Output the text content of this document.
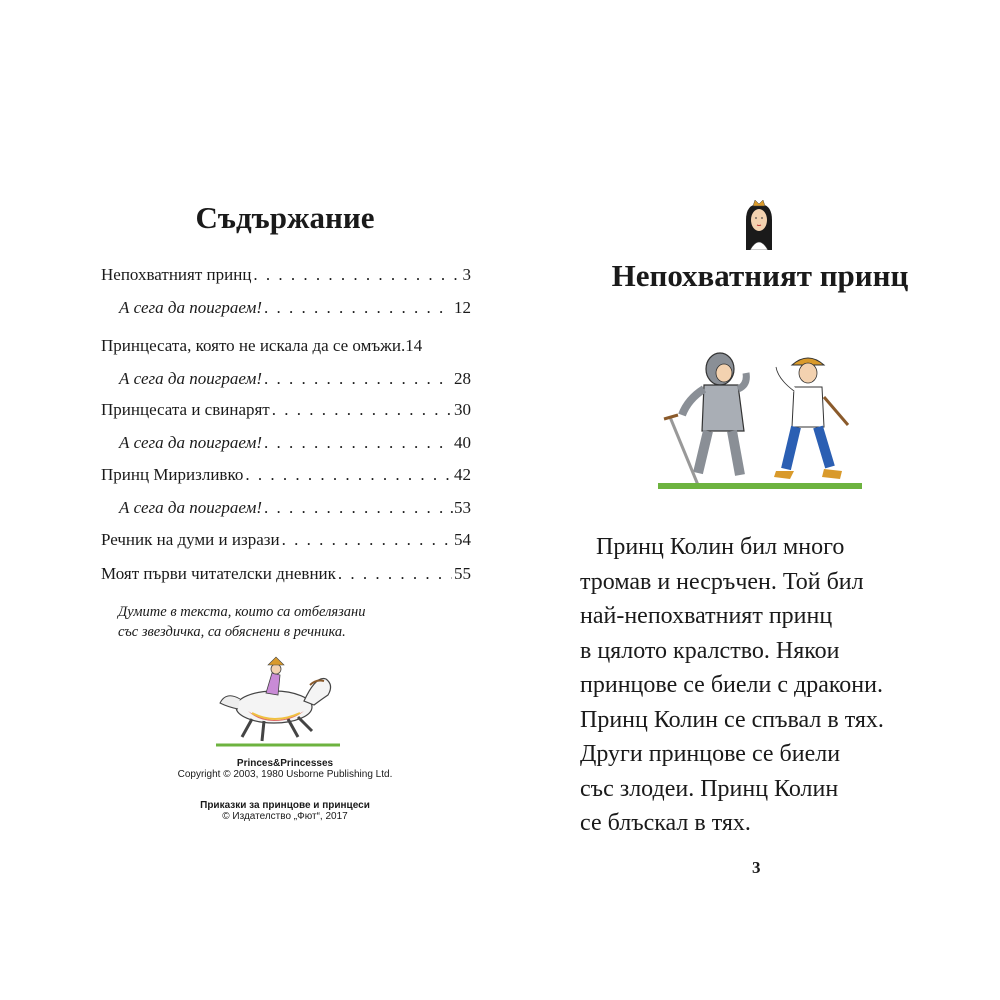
Съдържание
Непохватният принц . . .	3
А сега да поиграем! . . .	12
Принцесата, която не искала да се омъжи. 14
А сега да поиграем! . . .	28
Принцесата и свинарят . . .	30
А сега да поиграем! . . .	40
Принц Миризливко . . .	42
А сега да поиграем! . . .	.53
Речник на думи и изрази . . .	54
Моят първи читателски дневник . . .	55
Думите в текста, които са отбелязани
със звездичка, са обяснени в речника.
Princes&Princesses
Copyright © 2003, 1980 Usborne Publishing Ltd.
Приказки за принцове и принцеси
© Издателство „Фют“, 2017
Непохватният принц
Принц Колин бил много
тромав и несръчен. Той бил
най-непохватният принц
в цялото кралство. Някои
принцове се биели с дракони.
Принц Колин се спъвал в тях.
Други принцове се биели
със злодеи. Принц Колин
се блъскал в тях.
3
